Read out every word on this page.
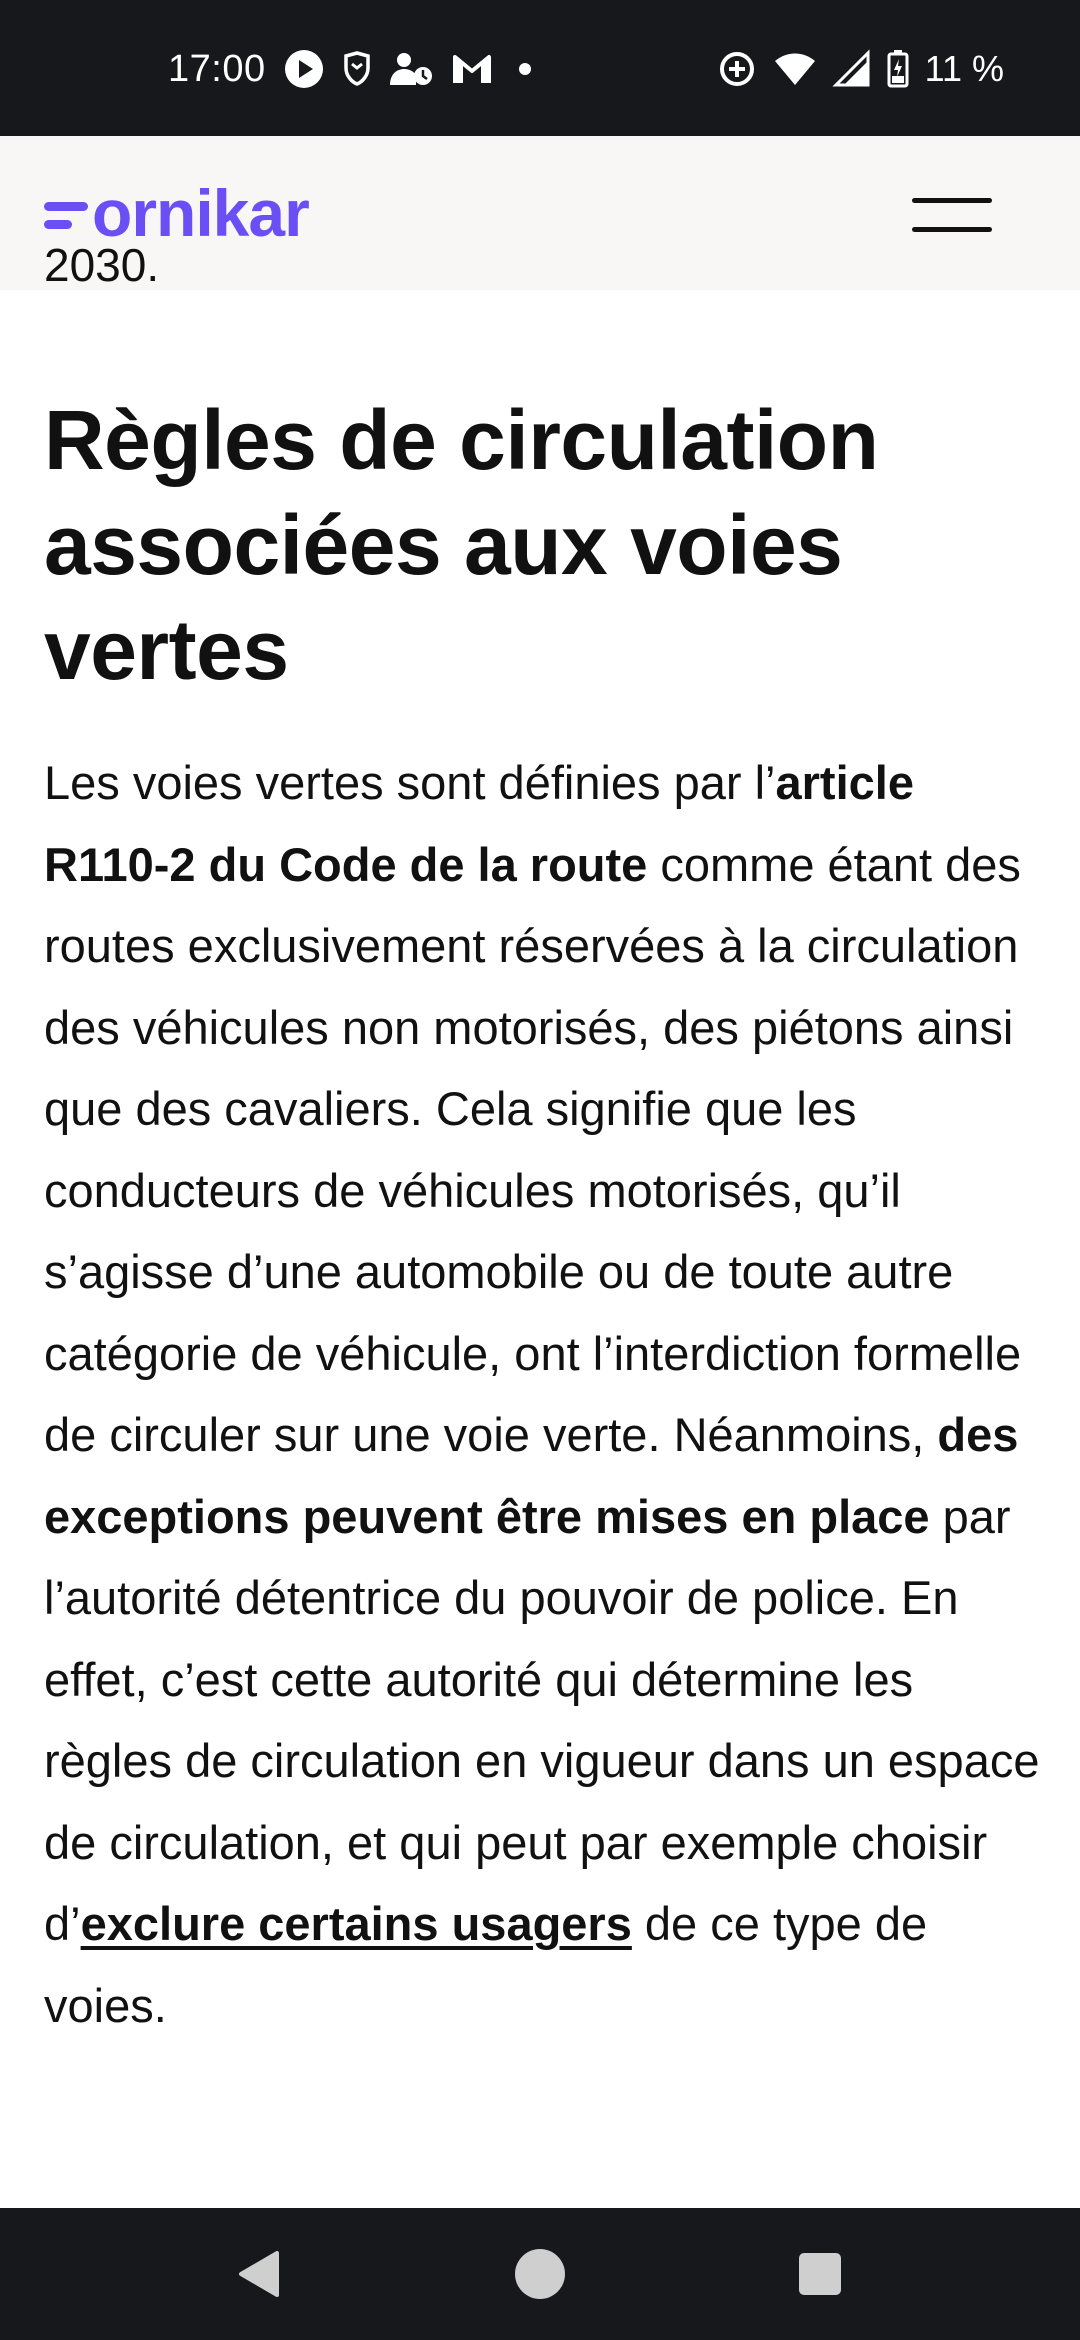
17:00	11 %
ornikar
2030.
Règles de circulation associées aux voies vertes

Les voies vertes sont définies par l’article R110-2 du Code de la route comme étant des routes exclusivement réservées à la circulation des véhicules non motorisés, des piétons ainsi que des cavaliers. Cela signifie que les conducteurs de véhicules motorisés, qu’il s’agisse d’une automobile ou de toute autre catégorie de véhicule, ont l’interdiction formelle de circuler sur une voie verte. Néanmoins, des exceptions peuvent être mises en place par l’autorité détentrice du pouvoir de police. En effet, c’est cette autorité qui détermine les règles de circulation en vigueur dans un espace de circulation, et qui peut par exemple choisir d’exclure certains usagers de ce type de voies.
